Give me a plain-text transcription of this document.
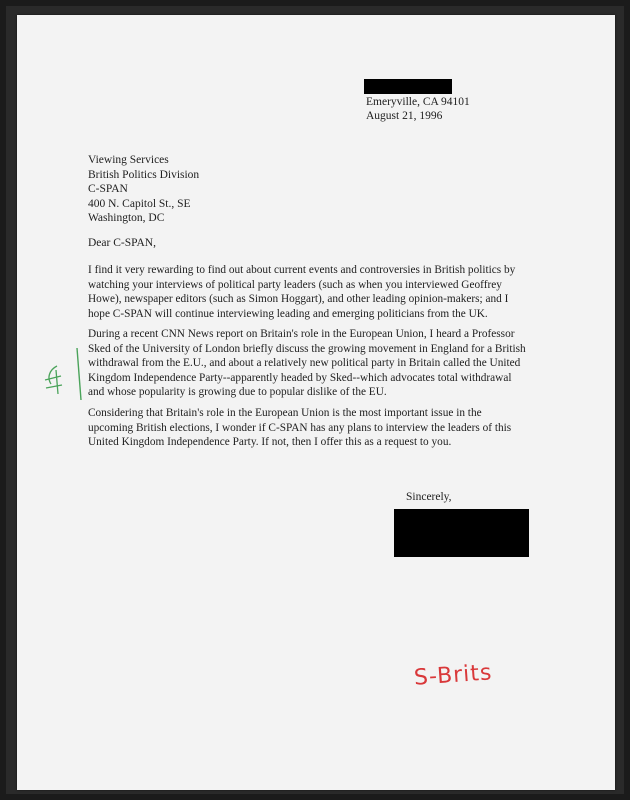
Emeryville, CA 94101
August 21, 1996
Viewing Services
British Politics Division
C-SPAN
400 N. Capitol St., SE
Washington, DC
Dear C-SPAN,

I find it very rewarding to find out about current events and controversies in British politics by

watching your interviews of political party leaders (such as when you interviewed Geoffrey

Howe), newspaper editors (such as Simon Hoggart), and other leading opinion-makers; and I

hope C-SPAN will continue interviewing leading and emerging politicians from the UK.

During a recent CNN News report on Britain's role in the European Union, I heard a Professor

Sked of the University of London briefly discuss the growing movement in England for a British

withdrawal from the E.U., and about a relatively new political party in Britain called the United

Kingdom Independence Party--apparently headed by Sked--which advocates total withdrawal

and whose popularity is growing due to popular dislike of the EU.

Considering that Britain's role in the European Union is the most important issue in the

upcoming British elections, I wonder if C-SPAN has any plans to interview the leaders of this

United Kingdom Independence Party. If not, then I offer this as a request to you.

Sincerely,
S-Brits
